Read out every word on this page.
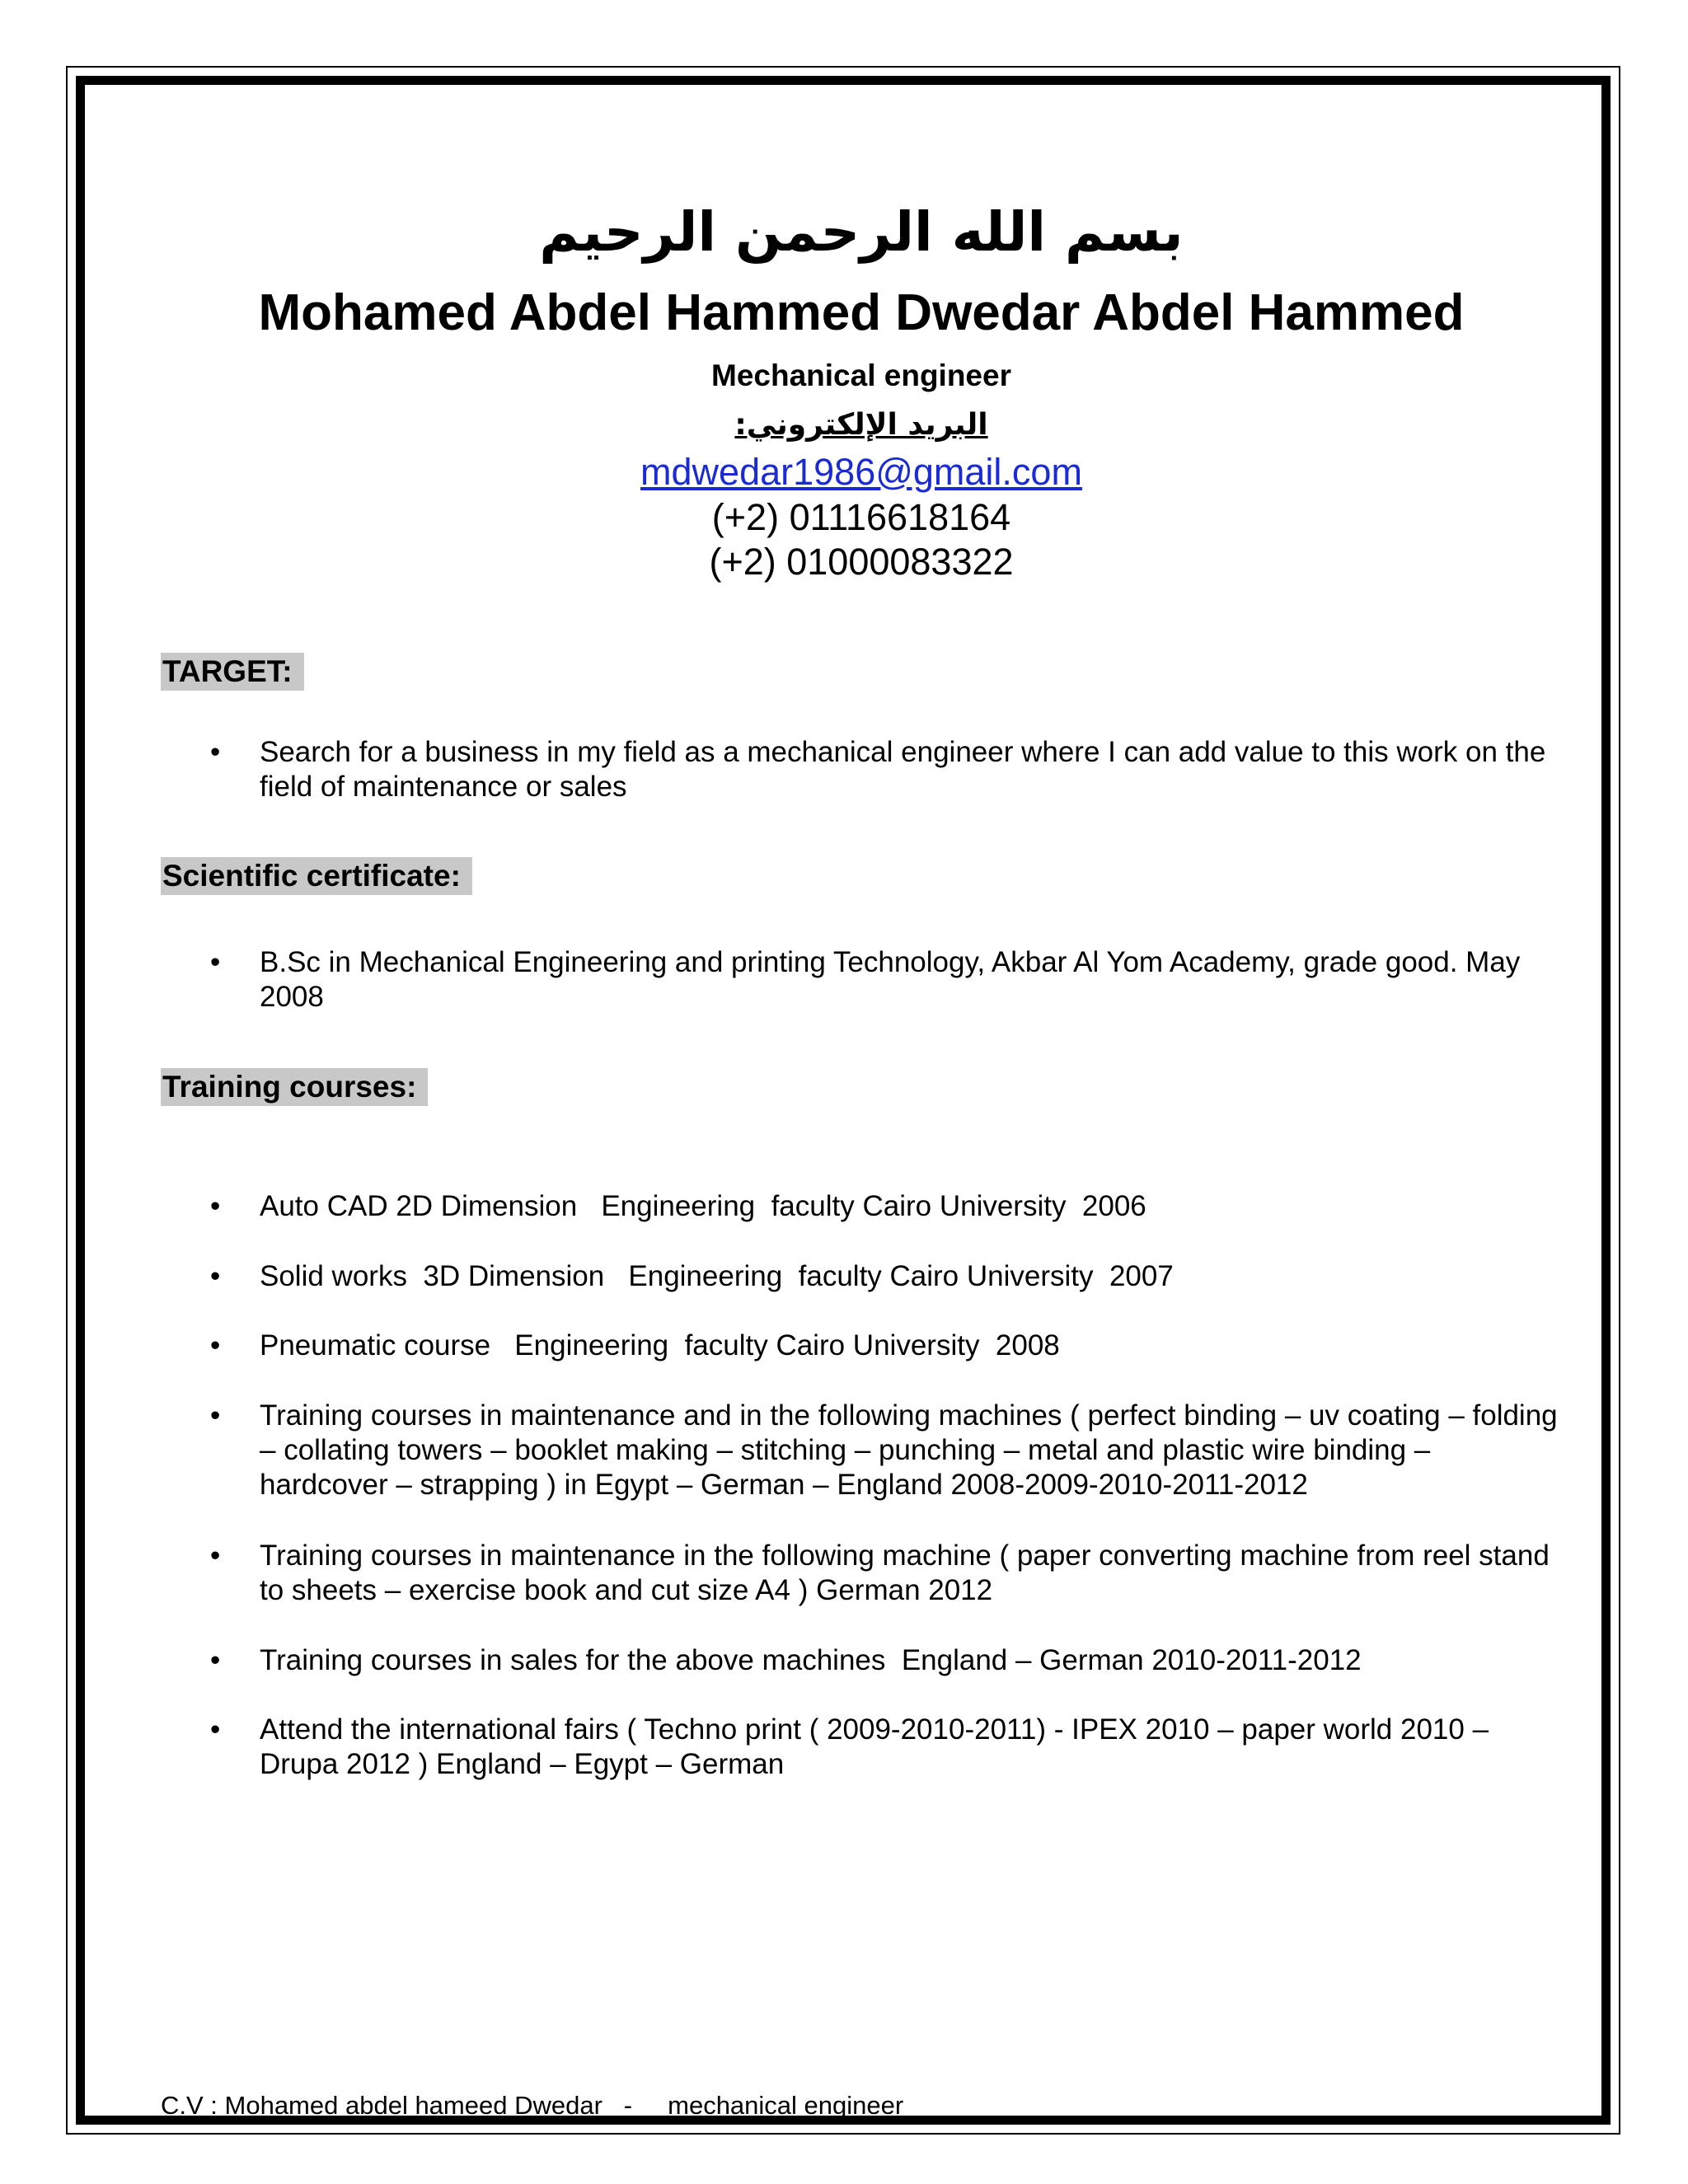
بسم الله الرحمن الرحيم
Mohamed Abdel Hammed Dwedar Abdel Hammed
Mechanical engineer
البريد الإلكتروني:
mdwedar1986@gmail.com
(+2) 01116618164
(+2) 01000083322
TARGET:
•	Search for a business in my field as a mechanical engineer where I can add value to this work on the field of maintenance or sales
Scientific certificate:
•	B.Sc in Mechanical Engineering and printing Technology, Akbar Al Yom Academy, grade good. May 2008
Training courses:
•	Auto CAD 2D Dimension   Engineering  faculty Cairo University  2006
•	Solid works  3D Dimension   Engineering  faculty Cairo University  2007
•	Pneumatic course   Engineering  faculty Cairo University  2008
•	Training courses in maintenance and in the following machines ( perfect binding – uv coating – folding – collating towers – booklet making – stitching – punching – metal and plastic wire binding – hardcover – strapping ) in Egypt – German – England 2008-2009-2010-2011-2012
•	Training courses in maintenance in the following machine ( paper converting machine from reel stand to sheets – exercise book and cut size A4 ) German 2012
•	Training courses in sales for the above machines  England – German 2010-2011-2012
•	Attend the international fairs ( Techno print ( 2009-2010-2011) - IPEX 2010 – paper world 2010 – Drupa 2012 ) England – Egypt – German
C.V : Mohamed abdel hameed Dwedar   -     mechanical engineer
